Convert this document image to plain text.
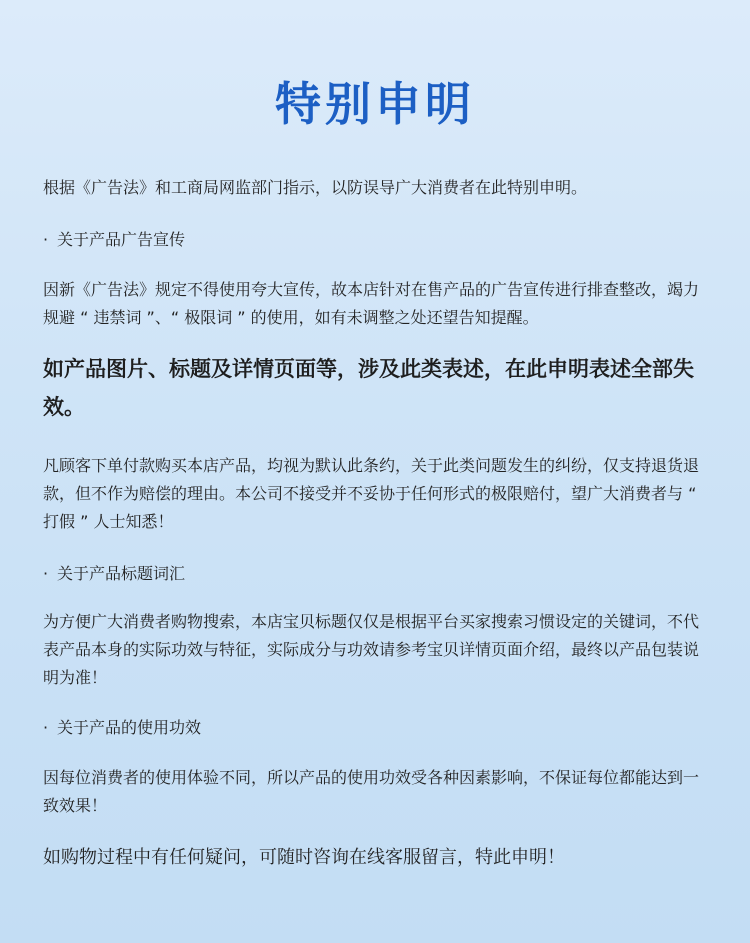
特别申明
根据《广告法》和工商局网监部门指示，以防误导广大消费者在此特别申明。
· 关于产品广告宣传
因新《广告法》规定不得使用夸大宣传，故本店针对在售产品的广告宣传进行排查整改，竭力规避 “ 违禁词 ”、“ 极限词 ” 的使用，如有未调整之处还望告知提醒。
如产品图片、标题及详情页面等，涉及此类表述，在此申明表述全部失效。
凡顾客下单付款购买本店产品，均视为默认此条约，关于此类问题发生的纠纷，仅支持退货退款，但不作为赔偿的理由。本公司不接受并不妥协于任何形式的极限赔付，望广大消费者与 “ 打假 ” 人士知悉！
· 关于产品标题词汇
为方便广大消费者购物搜索，本店宝贝标题仅仅是根据平台买家搜索习惯设定的关键词，不代表产品本身的实际功效与特征，实际成分与功效请参考宝贝详情页面介绍，最终以产品包装说明为准！
· 关于产品的使用功效
因每位消费者的使用体验不同，所以产品的使用功效受各种因素影响，不保证每位都能达到一致效果！
如购物过程中有任何疑问，可随时咨询在线客服留言，特此申明！
